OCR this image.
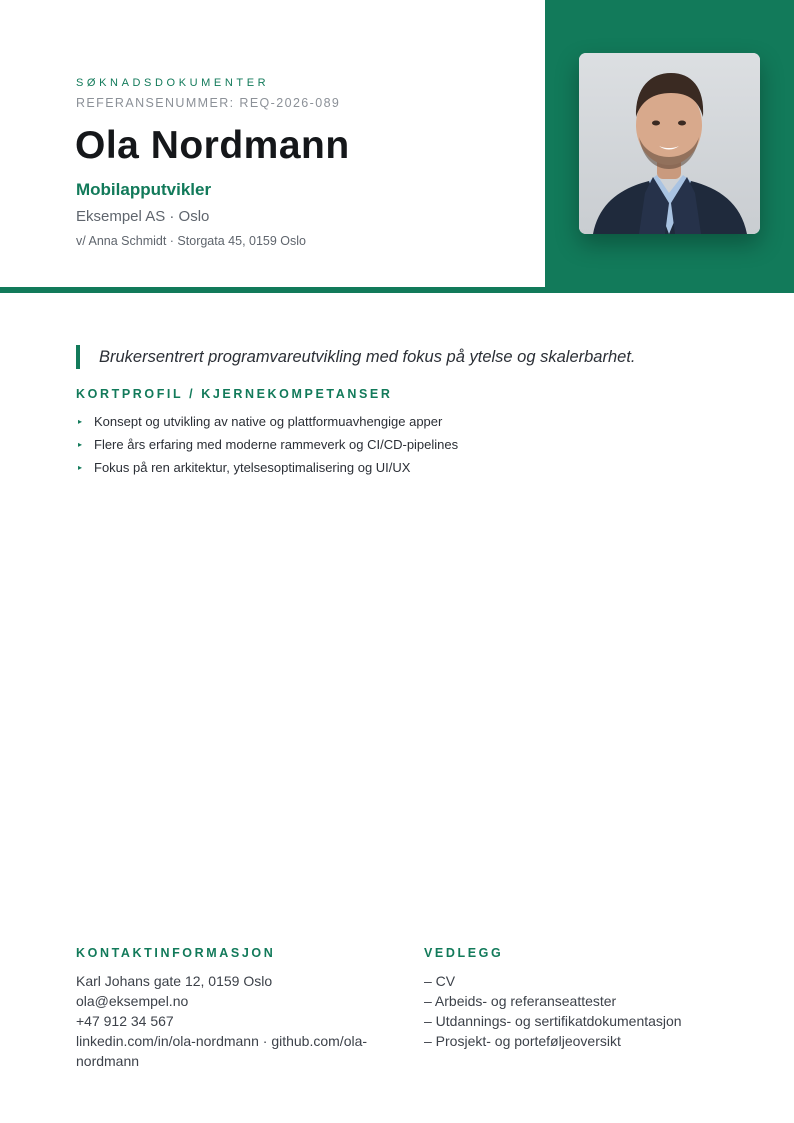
SØKNADSDOKUMENTER
REFERANSENUMMER: REQ-2026-089
Ola Nordmann
Mobilapputvikler
Eksempel AS · Oslo
v/ Anna Schmidt · Storgata 45, 0159 Oslo
Brukersentrert programvareutvikling med fokus på ytelse og skalerbarhet.
KORTPROFIL / KJERNEKOMPETANSER
▸ Konsept og utvikling av native og plattformuavhengige apper
▸ Flere års erfaring med moderne rammeverk og CI/CD-pipelines
▸ Fokus på ren arkitektur, ytelsesoptimalisering og UI/UX
KONTAKTINFORMASJON
Karl Johans gate 12, 0159 Oslo
ola@eksempel.no
+47 912 34 567
linkedin.com/in/ola-nordmann · github.com/ola-nordmann
VEDLEGG
– CV
– Arbeids- og referanseattester
– Utdannings- og sertifikatdokumentasjon
– Prosjekt- og porteføljeoversikt
